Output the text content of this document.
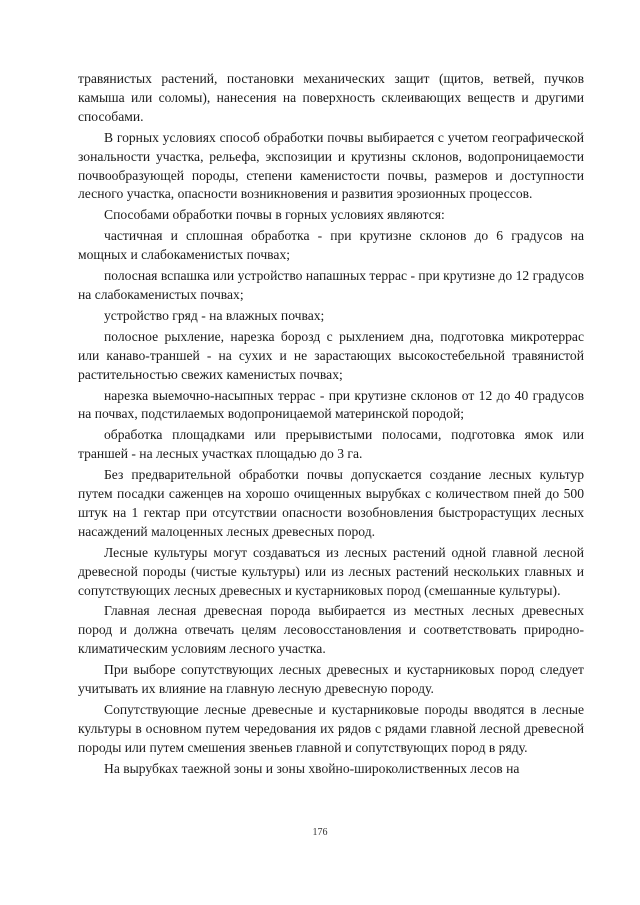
травянистых растений, постановки механических защит (щитов, ветвей, пучков камыша или соломы), нанесения на поверхность склеивающих веществ и другими способами.

В горных условиях способ обработки почвы выбирается с учетом географической зональности участка, рельефа, экспозиции и крутизны склонов, водопроницаемости почвообразующей породы, степени каменистости почвы, размеров и доступности лесного участка, опасности возникновения и развития эрозионных процессов.

Способами обработки почвы в горных условиях являются:

частичная и сплошная обработка - при крутизне склонов до 6 градусов на мощных и слабокаменистых почвах;

полосная вспашка или устройство напашных террас - при крутизне до 12 градусов на слабокаменистых почвах;

устройство гряд - на влажных почвах;

полосное рыхление, нарезка борозд с рыхлением дна, подготовка микротеррас или канаво-траншей - на сухих и не зарастающих высокостебельной травянистой растительностью свежих каменистых почвах;

нарезка выемочно-насыпных террас - при крутизне склонов от 12 до 40 градусов на почвах, подстилаемых водопроницаемой материнской породой;

обработка площадками или прерывистыми полосами, подготовка ямок или траншей - на лесных участках площадью до 3 га.

Без предварительной обработки почвы допускается создание лесных культур путем посадки саженцев на хорошо очищенных вырубках с количеством пней до 500 штук на 1 гектар при отсутствии опасности возобновления быстрорастущих лесных насаждений малоценных лесных древесных пород.

Лесные культуры могут создаваться из лесных растений одной главной лесной древесной породы (чистые культуры) или из лесных растений нескольких главных и сопутствующих лесных древесных и кустарниковых пород (смешанные культуры).

Главная лесная древесная порода выбирается из местных лесных древесных пород и должна отвечать целям лесовосстановления и соответствовать природно-климатическим условиям лесного участка.

При выборе сопутствующих лесных древесных и кустарниковых пород следует учитывать их влияние на главную лесную древесную породу.

Сопутствующие лесные древесные и кустарниковые породы вводятся в лесные культуры в основном путем чередования их рядов с рядами главной лесной древесной породы или путем смешения звеньев главной и сопутствующих пород в ряду.

На вырубках таежной зоны и зоны хвойно-широколиственных лесов на

176
